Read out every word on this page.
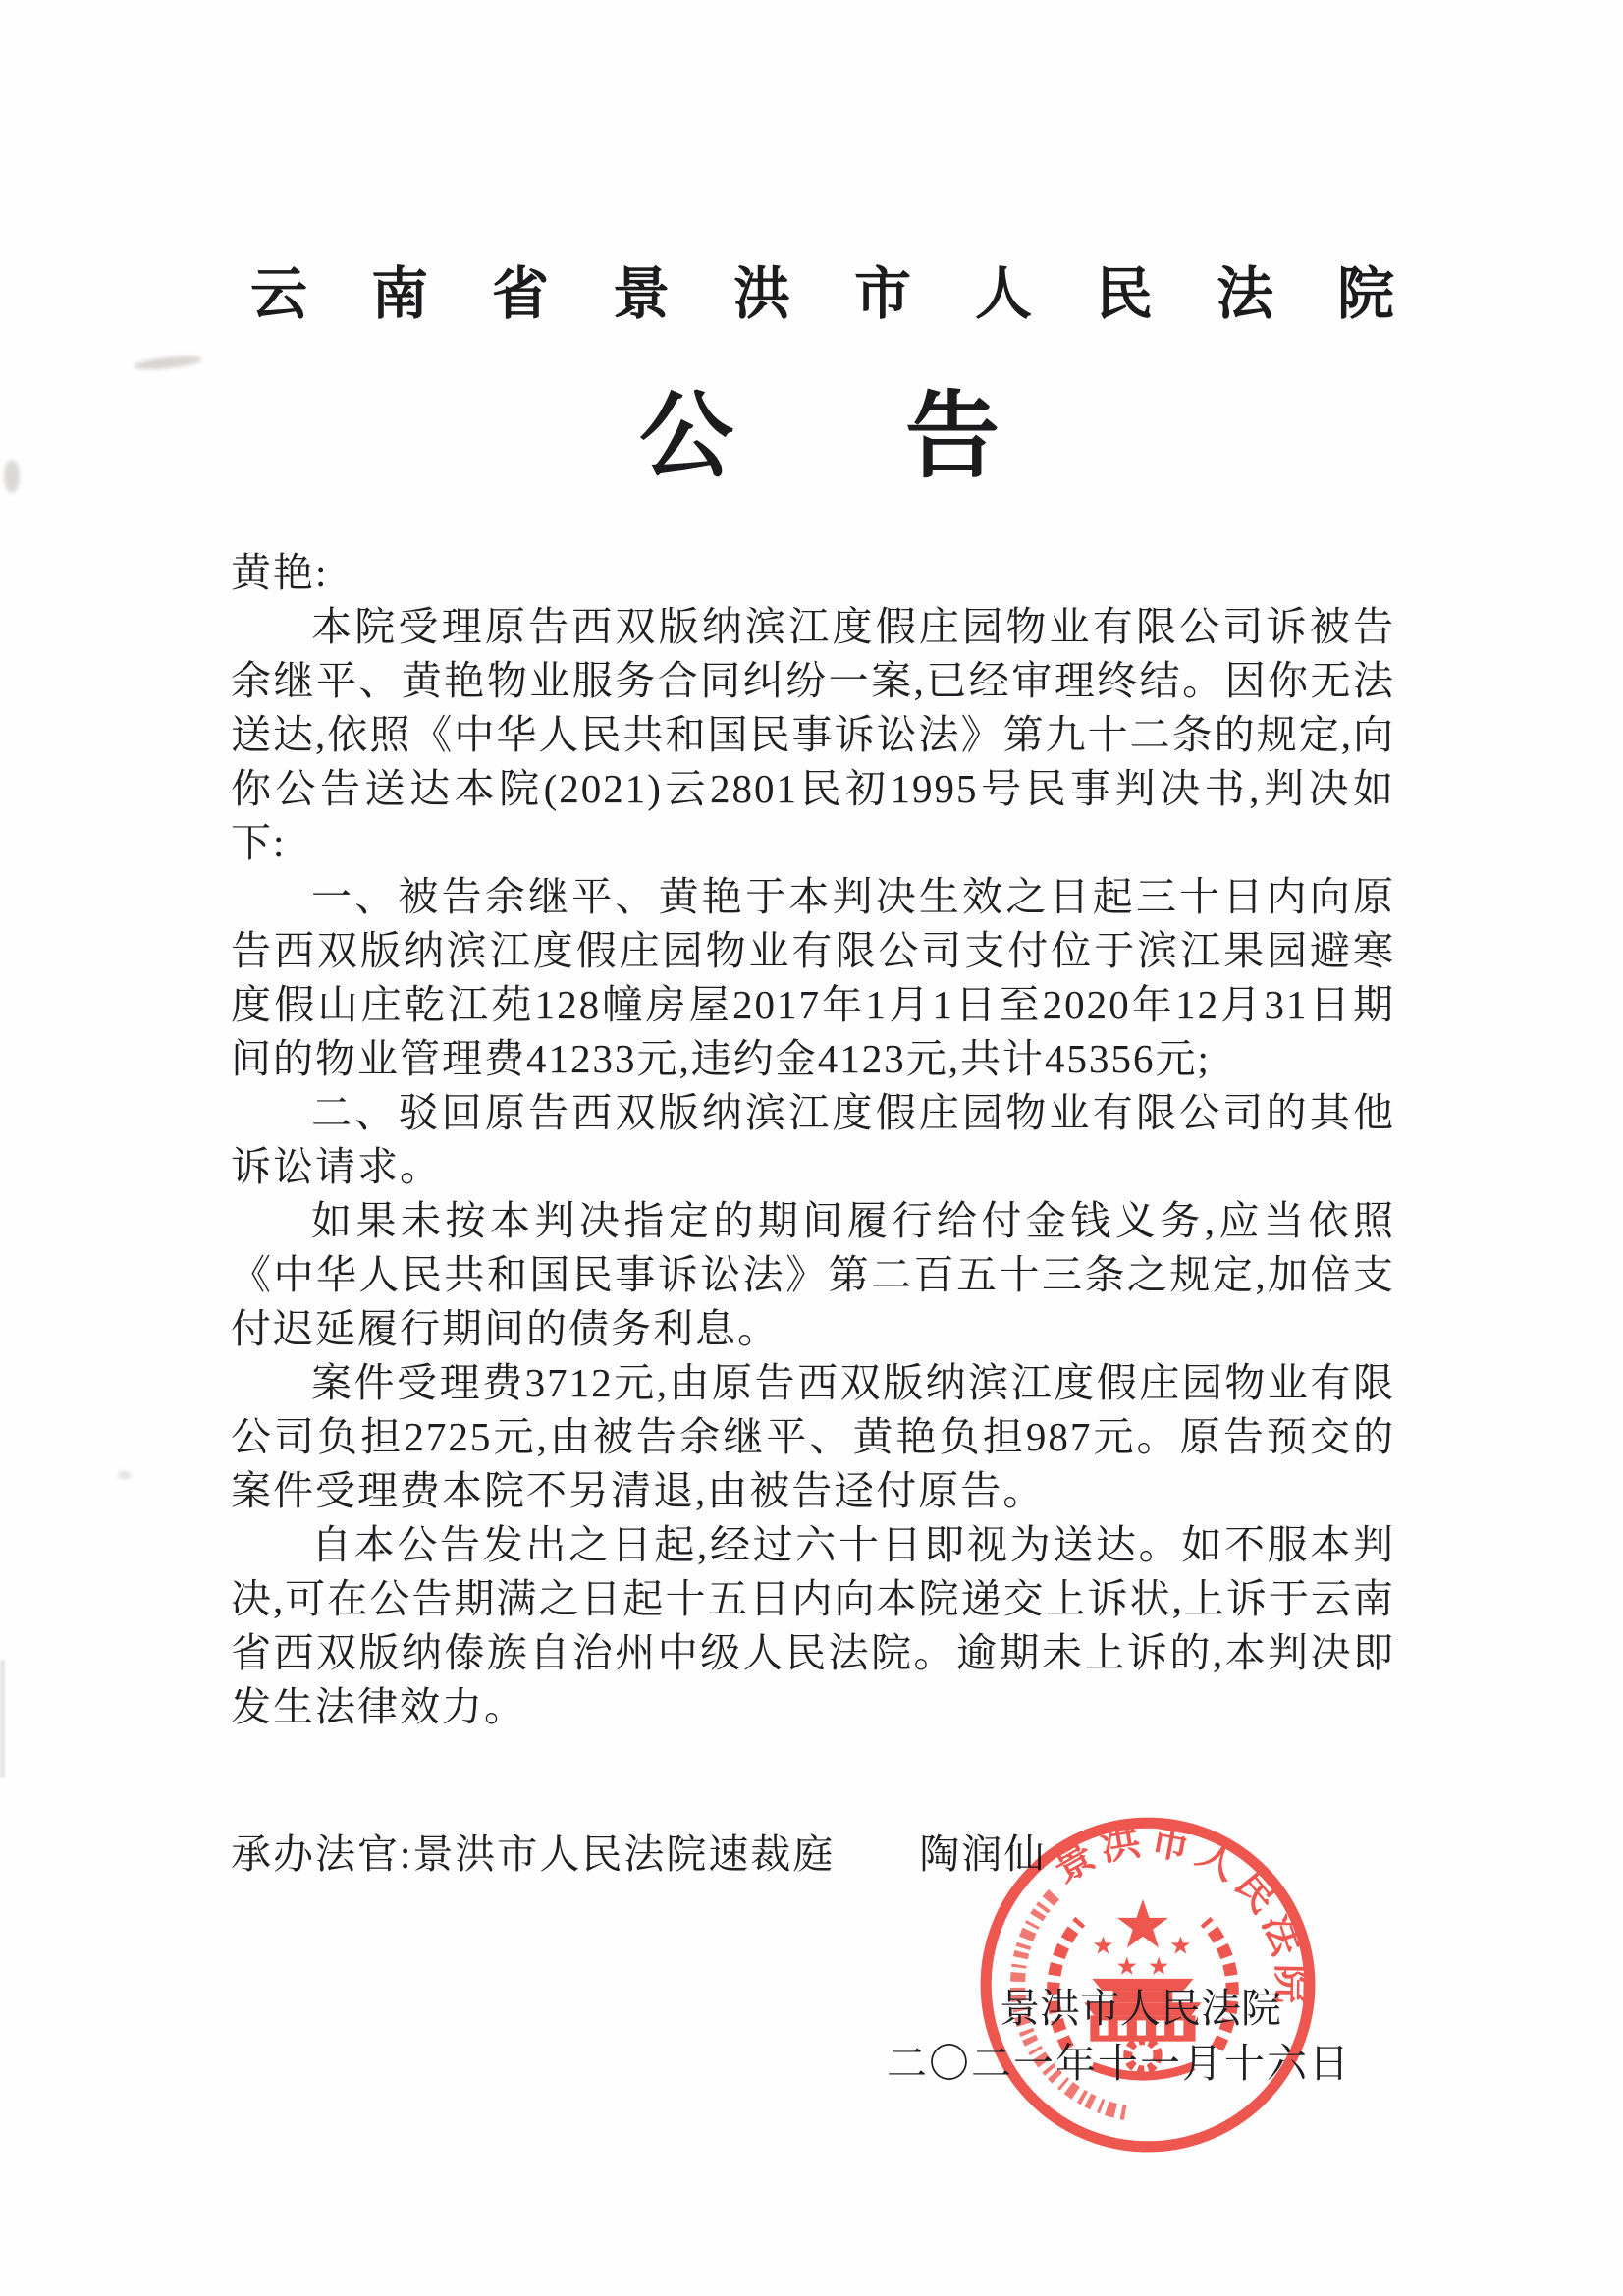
云南省景洪市人民法院
公告

黄艳:

本院受理原告西双版纳滨江度假庄园物业有限公司诉被告余继平、黄艳物业服务合同纠纷一案,已经审理终结。因你无法送达,依照《中华人民共和国民事诉讼法》第九十二条的规定,向你公告送达本院(2021)云2801民初1995号民事判决书,判决如下:

一、被告余继平、黄艳于本判决生效之日起三十日内向原告西双版纳滨江度假庄园物业有限公司支付位于滨江果园避寒度假山庄乾江苑128幢房屋2017年1月1日至2020年12月31日期间的物业管理费41233元,违约金4123元,共计45356元;

二、驳回原告西双版纳滨江度假庄园物业有限公司的其他诉讼请求。

如果未按本判决指定的期间履行给付金钱义务,应当依照《中华人民共和国民事诉讼法》第二百五十三条之规定,加倍支付迟延履行期间的债务利息。

案件受理费3712元,由原告西双版纳滨江度假庄园物业有限公司负担2725元,由被告余继平、黄艳负担987元。原告预交的案件受理费本院不另清退,由被告迳付原告。

自本公告发出之日起,经过六十日即视为送达。如不服本判决,可在公告期满之日起十五日内向本院递交上诉状,上诉于云南省西双版纳傣族自治州中级人民法院。逾期未上诉的,本判决即发生法律效力。

承办法官:景洪市人民法院速裁庭　　陶润仙 景洪市人民法院

景洪市人民法院

二〇二一年十一月十六日
